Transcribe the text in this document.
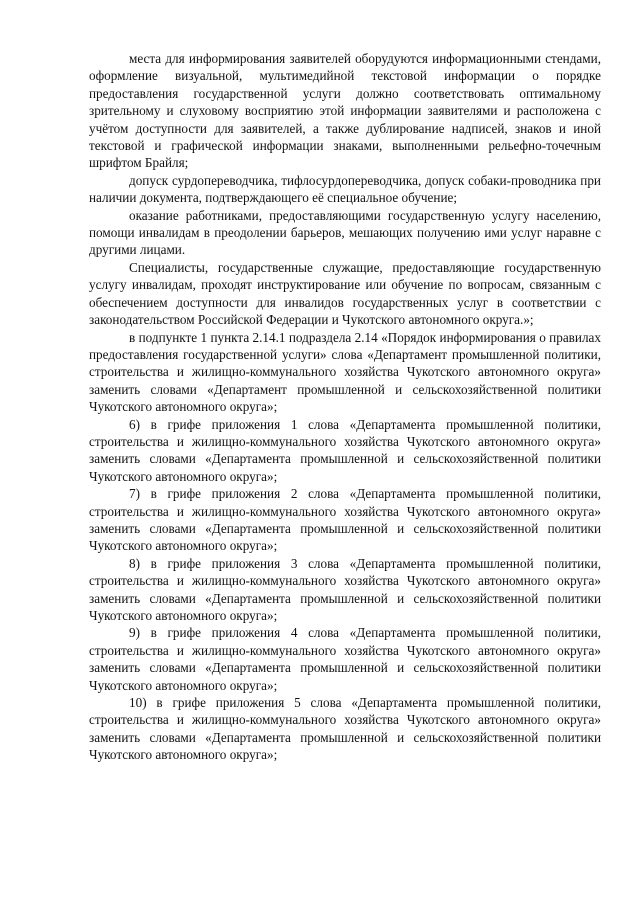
места для информирования заявителей оборудуются информационными стендами, оформление визуальной, мультимедийной текстовой информации о порядке предоставления государственной услуги должно соответствовать оптимальному зрительному и слуховому восприятию этой информации заявителями и расположена с учётом доступности для заявителей, а также дублирование надписей, знаков и иной текстовой и графической информации знаками, выполненными рельефно-точечным шрифтом Брайля;

допуск сурдопереводчика, тифлосурдопереводчика, допуск собаки-проводника при наличии документа, подтверждающего её специальное обучение;

оказание работниками, предоставляющими государственную услугу населению, помощи инвалидам в преодолении барьеров, мешающих получению ими услуг наравне с другими лицами.

Специалисты, государственные служащие, предоставляющие государственную услугу инвалидам, проходят инструктирование или обучение по вопросам, связанным с обеспечением доступности для инвалидов государственных услуг в соответствии с законодательством Российской Федерации и Чукотского автономного округа.»;

в подпункте 1 пункта 2.14.1 подраздела 2.14 «Порядок информирования о правилах предоставления государственной услуги» слова «Департамент промышленной политики, строительства и жилищно-коммунального хозяйства Чукотского автономного округа» заменить словами «Департамент промышленной и сельскохозяйственной политики Чукотского автономного округа»;

6) в грифе приложения 1 слова «Департамента промышленной политики, строительства и жилищно-коммунального хозяйства Чукотского автономного округа» заменить словами «Департамента промышленной и сельскохозяйственной политики Чукотского автономного округа»;

7) в грифе приложения 2 слова «Департамента промышленной политики, строительства и жилищно-коммунального хозяйства Чукотского автономного округа» заменить словами «Департамента промышленной и сельскохозяйственной политики Чукотского автономного округа»;

8) в грифе приложения 3 слова «Департамента промышленной политики, строительства и жилищно-коммунального хозяйства Чукотского автономного округа» заменить словами «Департамента промышленной и сельскохозяйственной политики Чукотского автономного округа»;

9) в грифе приложения 4 слова «Департамента промышленной политики, строительства и жилищно-коммунального хозяйства Чукотского автономного округа» заменить словами «Департамента промышленной и сельскохозяйственной политики Чукотского автономного округа»;

10) в грифе приложения 5 слова «Департамента промышленной политики, строительства и жилищно-коммунального хозяйства Чукотского автономного округа» заменить словами «Департамента промышленной и сельскохозяйственной политики Чукотского автономного округа»;
